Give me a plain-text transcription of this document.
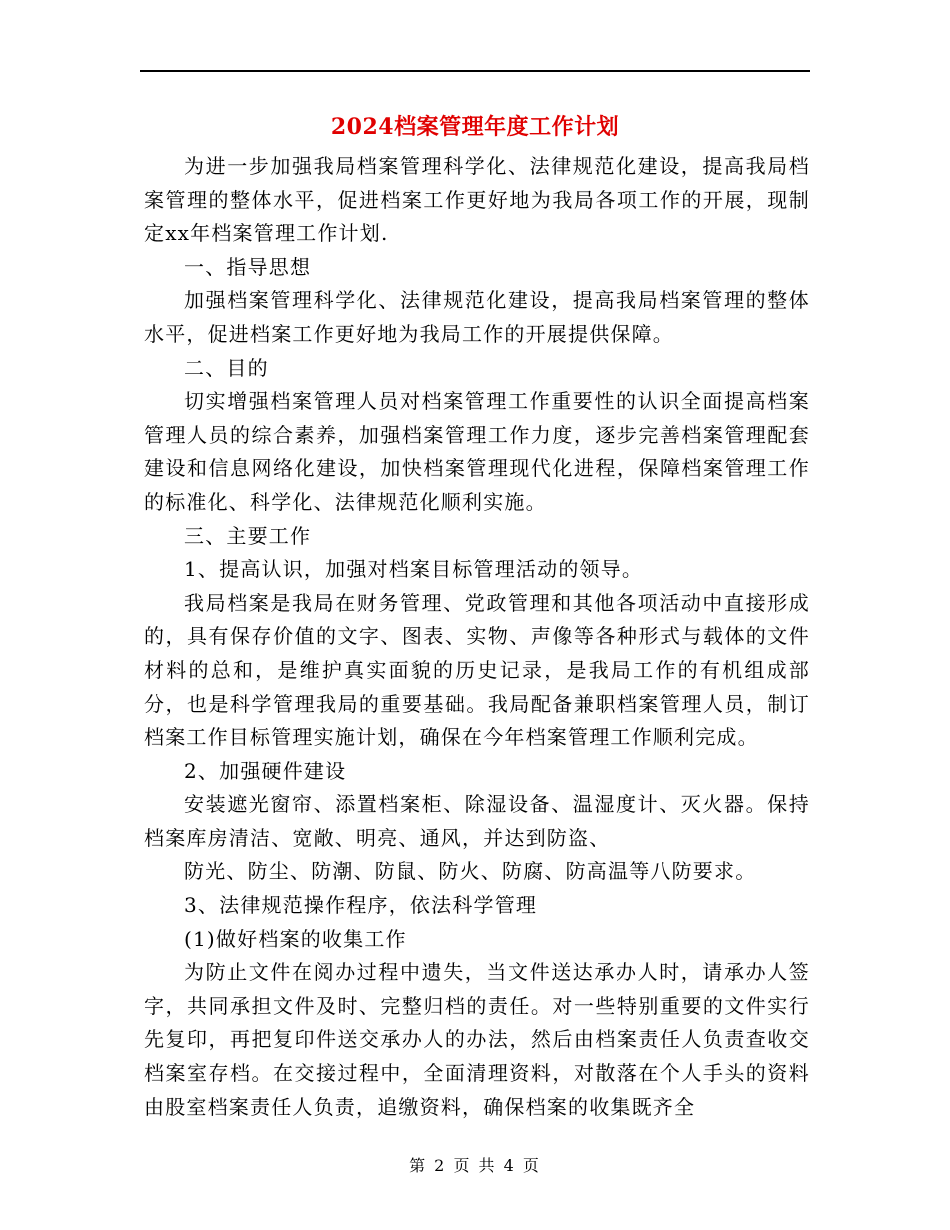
2024档案管理年度工作计划

为进一步加强我局档案管理科学化、法律规范化建设，提高我局档案管理的整体水平，促进档案工作更好地为我局各项工作的开展，现制定xx年档案管理工作计划.

一、指导思想

加强档案管理科学化、法律规范化建设，提高我局档案管理的整体水平，促进档案工作更好地为我局工作的开展提供保障。

二、目的

切实增强档案管理人员对档案管理工作重要性的认识全面提高档案管理人员的综合素养，加强档案管理工作力度，逐步完善档案管理配套建设和信息网络化建设，加快档案管理现代化进程，保障档案管理工作的标准化、科学化、法律规范化顺利实施。

三、主要工作

1、提高认识，加强对档案目标管理活动的领导。

我局档案是我局在财务管理、党政管理和其他各项活动中直接形成的，具有保存价值的文字、图表、实物、声像等各种形式与载体的文件材料的总和，是维护真实面貌的历史记录，是我局工作的有机组成部分，也是科学管理我局的重要基础。我局配备兼职档案管理人员，制订档案工作目标管理实施计划，确保在今年档案管理工作顺利完成。

2、加强硬件建设

安装遮光窗帘、添置档案柜、除湿设备、温湿度计、灭火器。保持档案库房清洁、宽敞、明亮、通风，并达到防盗、

防光、防尘、防潮、防鼠、防火、防腐、防高温等八防要求。

3、法律规范操作程序，依法科学管理

(1)做好档案的收集工作

为防止文件在阅办过程中遗失，当文件送达承办人时，请承办人签字，共同承担文件及时、完整归档的责任。对一些特别重要的文件实行先复印，再把复印件送交承办人的办法，然后由档案责任人负责查收交档案室存档。在交接过程中，全面清理资料，对散落在个人手头的资料由股室档案责任人负责，追缴资料，确保档案的收集既齐全

第 2 页 共 4 页
